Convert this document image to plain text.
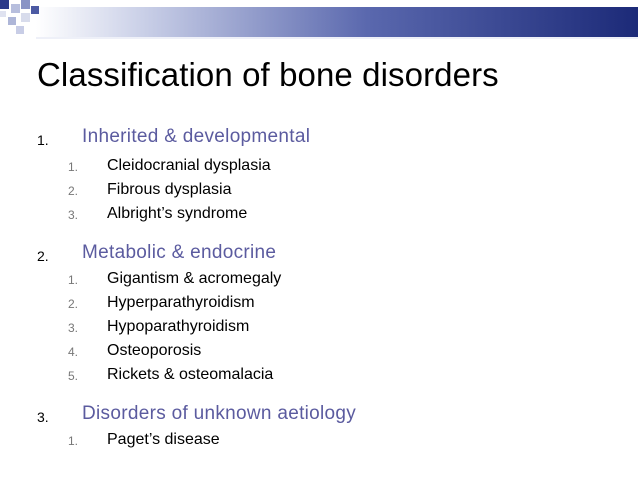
Classification of bone disorders
1. Inherited & developmental
1. Cleidocranial dysplasia
2. Fibrous dysplasia
3. Albright’s syndrome
2. Metabolic & endocrine
1. Gigantism & acromegaly
2. Hyperparathyroidism
3. Hypoparathyroidism
4. Osteoporosis
5. Rickets & osteomalacia
3. Disorders of unknown aetiology
1. Paget’s disease
